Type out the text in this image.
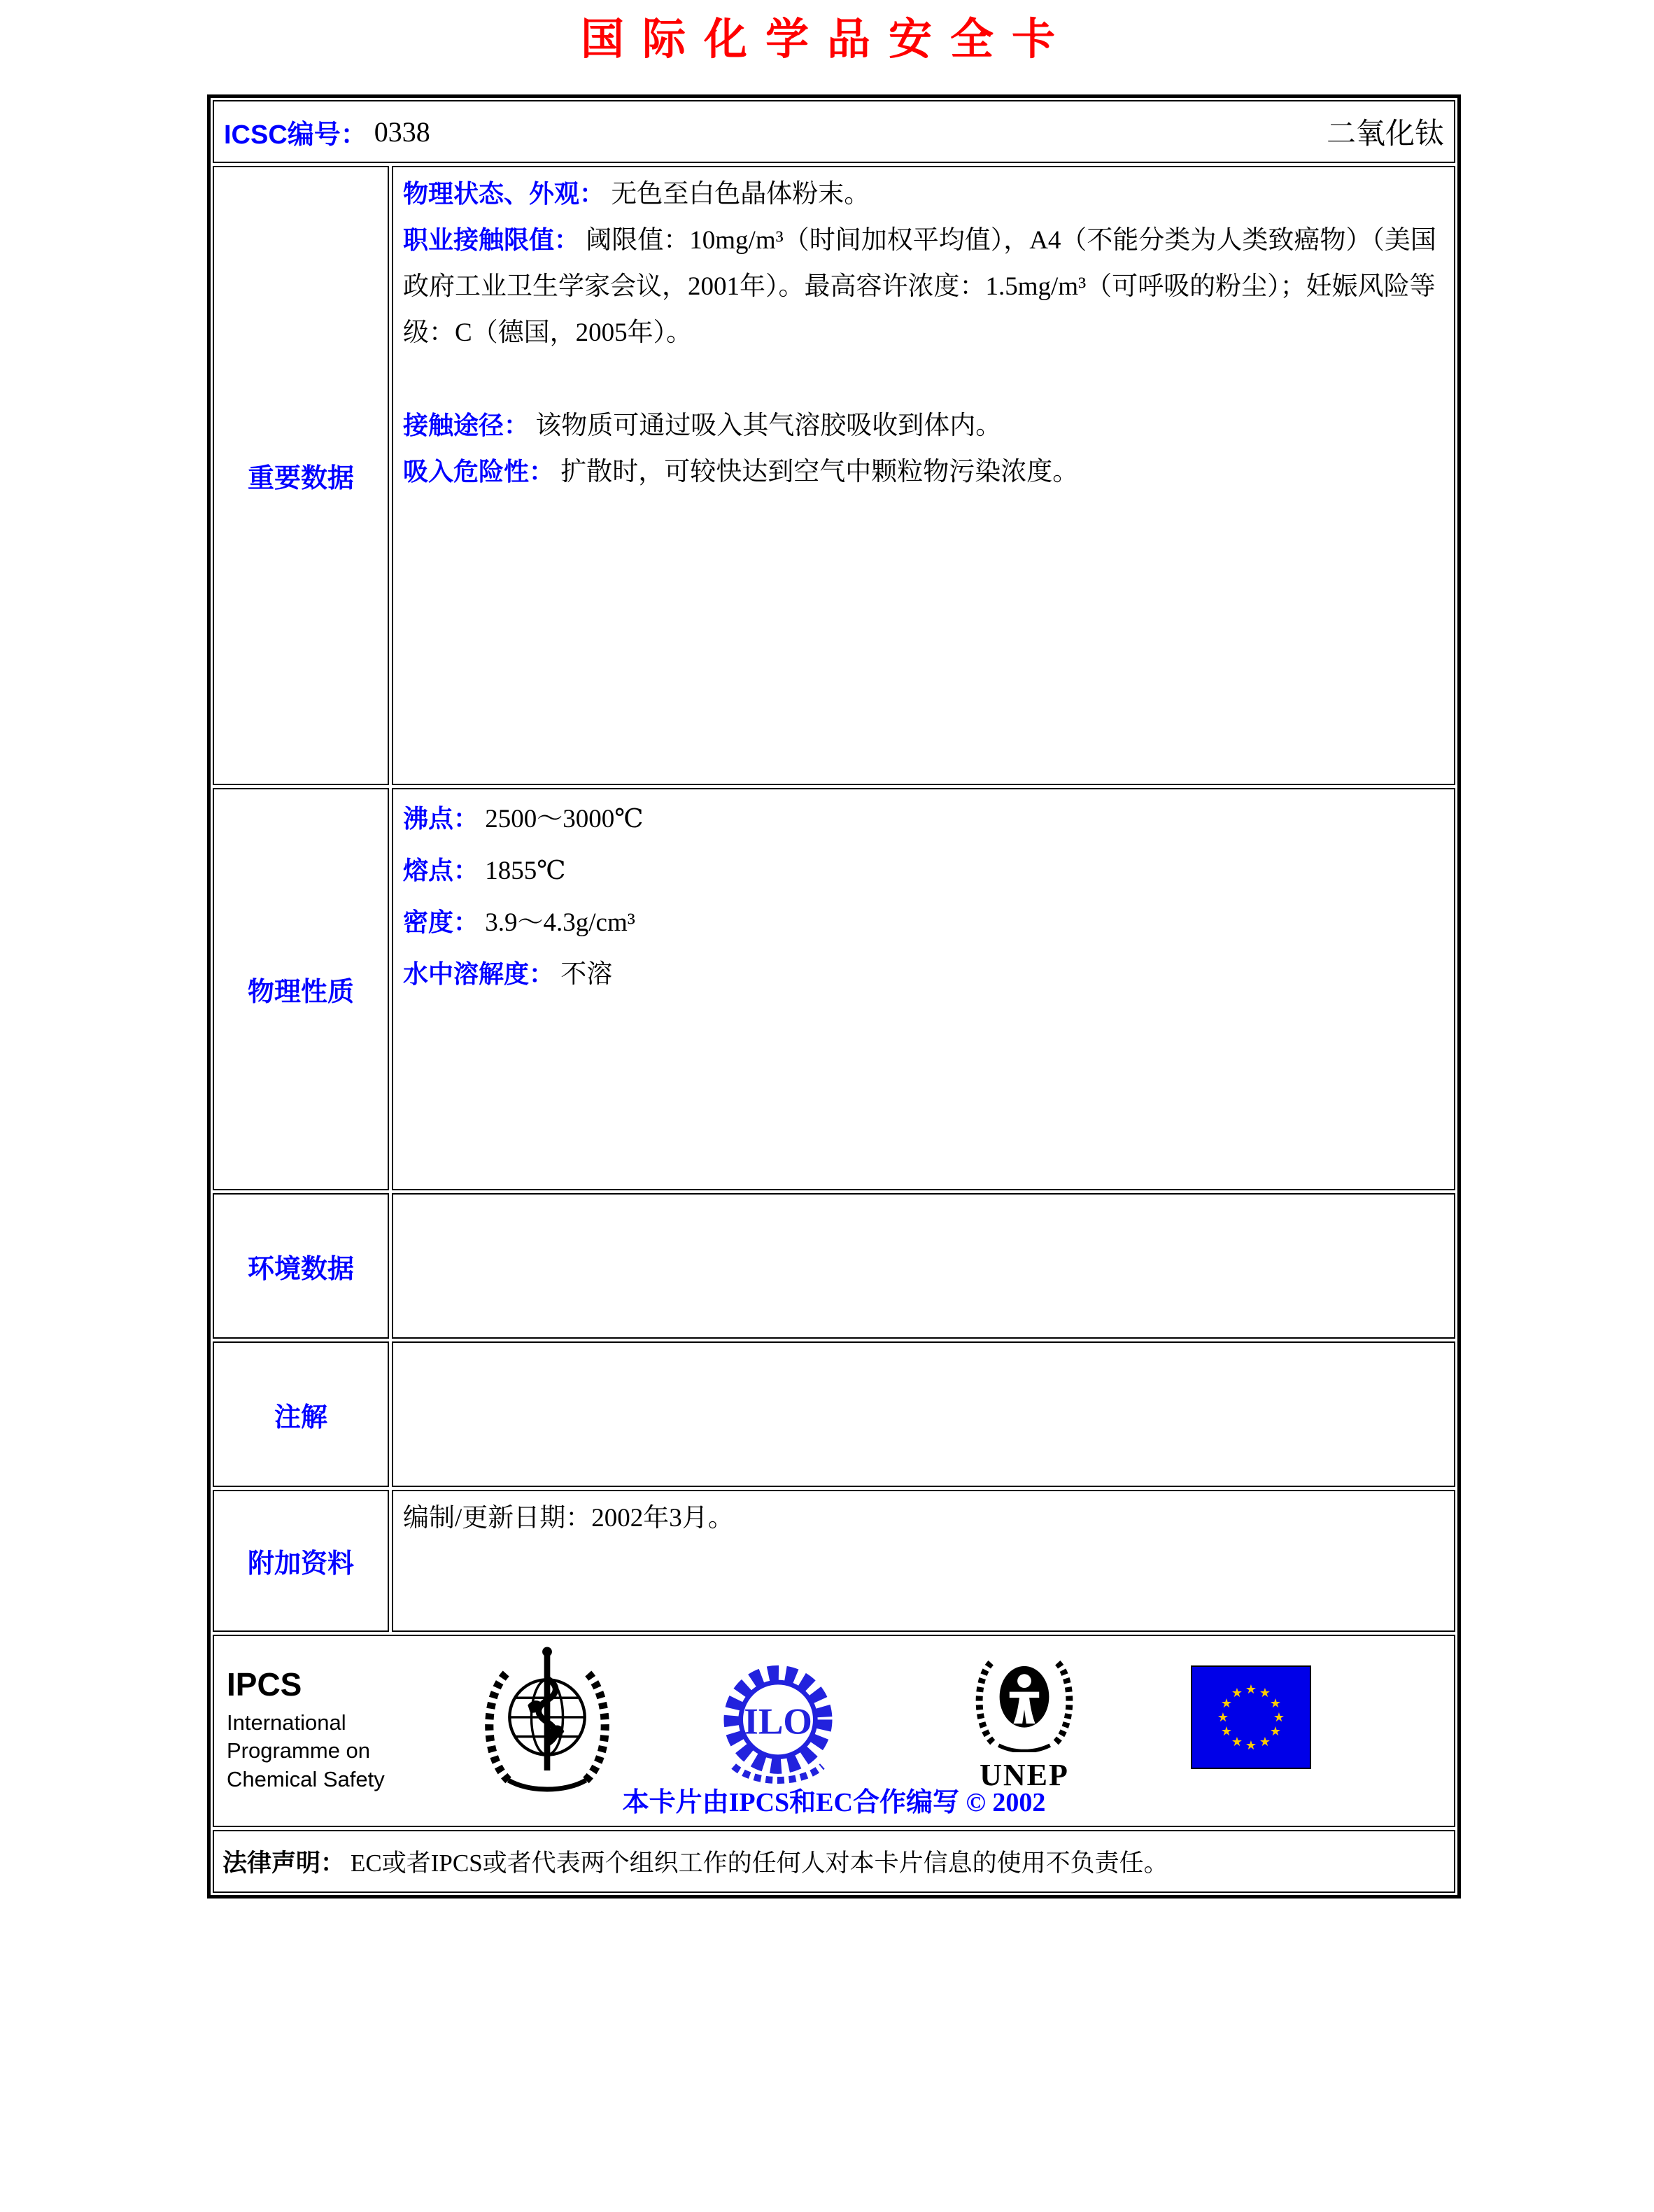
国际化学品安全卡
ICSC编号： 0338	二氧化钛
重要数据

物理状态、外观： 无色至白色晶体粉末。

职业接触限值： 阈限值：10mg/m³（时间加权平均值），A4（不能分类为人类致癌物）（美国政府工业卫生学家会议，2001年）。最高容许浓度：1.5mg/m³（可呼吸的粉尘）；妊娠风险等级：C（德国，2005年）。

接触途径： 该物质可通过吸入其气溶胶吸收到体内。

吸入危险性： 扩散时，可较快达到空气中颗粒物污染浓度。

物理性质

沸点： 2500～3000℃

熔点： 1855℃

密度： 3.9～4.3g/cm³

水中溶解度： 不溶

环境数据
注解
附加资料

编制/更新日期：2002年3月。

IPCS
International
Programme on
Chemical Safety
ILO
UNEP
★ ★
★
★
★
★
★
★
★
★
★
★
本卡片由IPCS和EC合作编写 © 2002
法律声明： EC或者IPCS或者代表两个组织工作的任何人对本卡片信息的使用不负责任。
